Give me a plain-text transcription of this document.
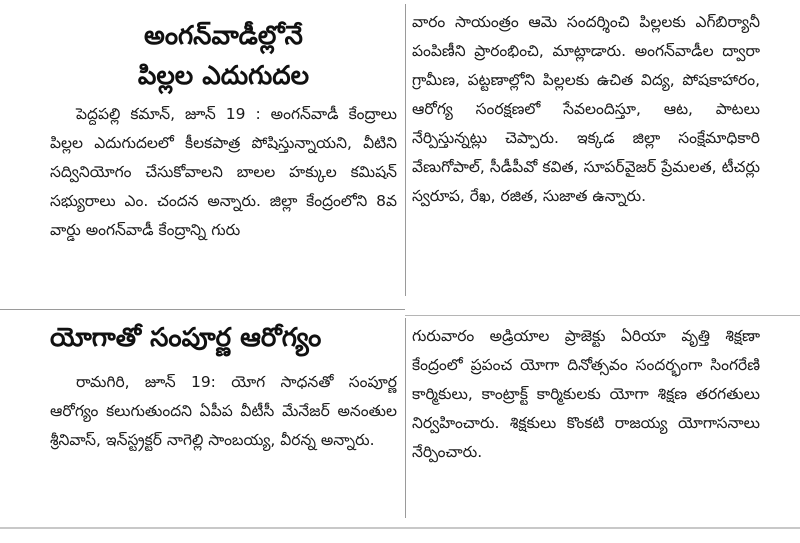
అంగన్‌వాడీల్లోనే
పిల్లల ఎదుగుదల

పెద్దపల్లి కమాన్, జూన్ 19 : అంగన్‌వాడీ కేంద్రాలు పిల్లల ఎదుగుదలలో కీలకపాత్ర పోషిస్తున్నాయని, వీటిని సద్వినియోగం చేసుకోవాలని బాలల హక్కుల కమిషన్ సభ్యురాలు ఎం. చందన అన్నారు. జిల్లా కేంద్రంలోని 8వ వార్డు అంగన్‌వాడీ కేంద్రాన్ని గురు

వారం సాయంత్రం ఆమె సందర్శించి పిల్లలకు ఎగ్‌బిర్యానీ పంపిణీని ప్రారంభించి, మాట్లాడారు. అంగన్‌వాడీల ద్వారా గ్రామీణ, పట్టణాల్లోని పిల్లలకు ఉచిత విద్య, పోషకాహారం, ఆరోగ్య సంరక్షణలో సేవలందిస్తూ, ఆట, పాటలు నేర్పిస్తున్నట్లు చెప్పారు. ఇక్కడ జిల్లా సంక్షేమాధికారి వేణుగోపాల్, సీడీపీవో కవిత, సూపర్‌వైజర్ ప్రేమలత, టీచర్లు స్వరూప, రేఖ, రజిత, సుజాత ఉన్నారు.

యోగాతో సంపూర్ణ ఆరోగ్యం

రామగిరి, జూన్ 19: యోగ సాధనతో సంపూర్ణ ఆరోగ్యం కలుగుతుందని ఏపీప వీటీసీ మేనేజర్ అనంతుల శ్రీనివాస్, ఇన్‌స్ట్రక్టర్ నాగెల్లి సాంబయ్య, వీరన్న అన్నారు.

గురువారం అడ్రియాల ప్రాజెక్టు ఏరియా వృత్తి శిక్షణా కేంద్రంలో ప్రపంచ యోగా దినోత్సవం సందర్భంగా సింగరేణి కార్మికులు, కాంట్రాక్ట్ కార్మికులకు యోగా శిక్షణ తరగతులు నిర్వహించారు. శిక్షకులు కొంకటి రాజయ్య యోగాసనాలు నేర్పించారు.
